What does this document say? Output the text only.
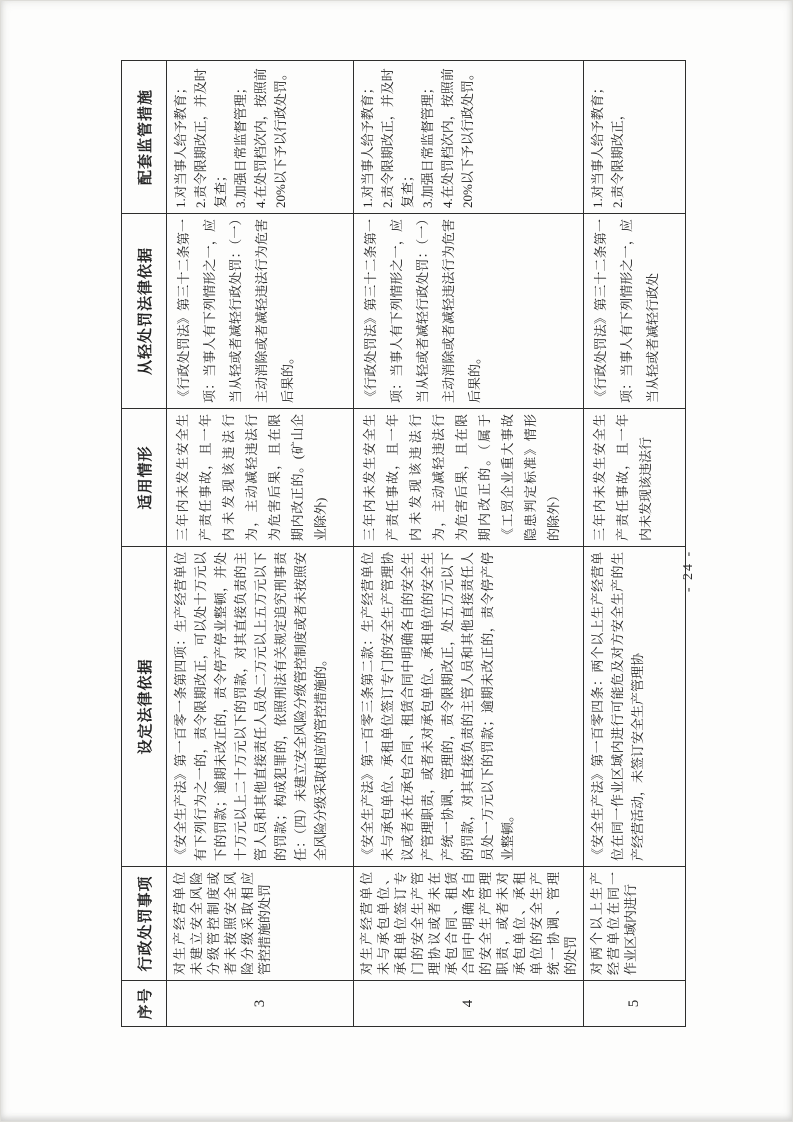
序号	行政处罚事项	设定法律依据	适用情形	从轻处罚法律依据	配套监管措施
3	对生产经营单位未建立安全风险分级管控制度或者未按照安全风险分级采取相应管控措施的处罚	《安全生产法》第一百零一条第四项：生产经营单位有下列行为之一的，责令限期改正，可以处十万元以下的罚款；逾期未改正的，责令停产停业整顿，并处十万元以上二十万元以下的罚款，对其直接负责的主管人员和其他直接责任人员处二万元以上五万元以下的罚款；构成犯罪的，依照刑法有关规定追究刑事责任：（四）未建立安全风险分级管控制度或者未按照安全风险分级采取相应的管控措施的。	三年内未发生安全生产责任事故，且一年内未发现该违法行为，主动减轻违法行为危害后果，且在限期内改正的。(矿山企业除外)	《行政处罚法》第三十二条第一项：当事人有下列情形之一，应当从轻或者减轻行政处罚：（一）主动消除或者减轻违法行为危害后果的。	1.对当事人给予教育； 2.责令限期改正，并及时复查； 3.加强日常监督管理； 4.在处罚档次内，按照前20%以下予以行政处罚。

4	对生产经营单位未与承包单位、承租单位签订专门的安全生产管理协议或者未在承包合同、租赁合同中明确各自的安全生产管理职责，或者未对承包单位、承租单位的安全生产统一协调、管理的处罚	《安全生产法》第一百零三条第二款：生产经营单位未与承包单位、承租单位签订专门的安全生产管理协议或者未在承包合同、租赁合同中明确各自的安全生产管理职责，或者未对承包单位、承租单位的安全生产统一协调、管理的，责令限期改正，处五万元以下的罚款，对其直接负责的主管人员和其他直接责任人员处一万元以下的罚款；逾期未改正的，责令停产停业整顿。	三年内未发生安全生产责任事故，且一年内未发现该违法行为，主动减轻违法行为危害后果，且在限期内改正的。（属于《工贸企业重大事故隐患判定标准》情形的除外）	《行政处罚法》第三十二条第一项：当事人有下列情形之一，应当从轻或者减轻行政处罚：（一）主动消除或者减轻违法行为危害后果的。	1.对当事人给予教育； 2.责令限期改正，并及时复查； 3.加强日常监督管理； 4.在处罚档次内，按照前20%以下予以行政处罚。

5	对两个以上生产经营单位在同一作业区域内进行	《安全生产法》第一百零四条：两个以上生产经营单位在同一作业区域内进行可能危及对方安全生产的生产经营活动，未签订安全生产管理协	三年内未发生安全生产责任事故，且一年内未发现该违法行	《行政处罚法》第三十二条第一项：当事人有下列情形之一，应当从轻或者减轻行政处	1.对当事人给予教育； 2.责令限期改正，
- 24 -
